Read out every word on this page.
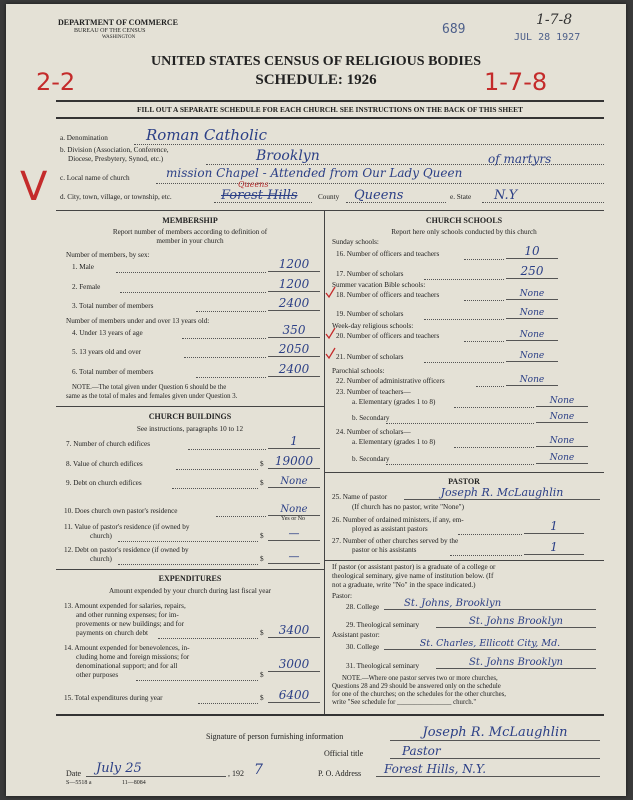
DEPARTMENT OF COMMERCE
BUREAU OF THE CENSUS
WASHINGTON
689
1-7-8
JUL 28 1927
UNITED STATES CENSUS OF RELIGIOUS BODIES
SCHEDULE: 1926
2-2	1-7-8
FILL OUT A SEPARATE SCHEDULE FOR EACH CHURCH. SEE INSTRUCTIONS ON THE BACK OF THIS SHEET
a. Denomination	Roman Catholic
b. Division (Association, Conference,
Diocese, Presbytery, Synod, etc.)	Brooklyn	of martyrs
c. Local name of church	mission Chapel - Attended from Our Lady Queen
d. City, town, village, or township, etc.
Queens
Forest Hills	County Queens	e. State N.Y
V
MEMBERSHIP
Report number of members according to definition of
member in your church
Number of members, by sex:
1. Male	1200
2. Female	1200
3. Total number of members	2400
Number of members under and over 13 years old:
4. Under 13 years of age	350
5. 13 years old and over	2050
6. Total number of members	2400
NOTE.—The total given under Question 6 should be the
same as the total of males and females given under Question 3.
CHURCH BUILDINGS
See instructions, paragraphs 10 to 12
7. Number of church edifices	1
8. Value of church edifices	$ 19000
9. Debt on church edifices	$	None
10. Does church own pastor's residence	None
Yes or No
11. Value of pastor's residence (if owned by
church)	$	—
12. Debt on pastor's residence (if owned by
church)	$	—
EXPENDITURES
Amount expended by your church during last fiscal year
13. Amount expended for salaries, repairs,
and other running expenses; for im-
provements or new buildings; and for
payments on church debt	$	3400
14. Amount expended for benevolences, in-
cluding home and foreign missions; for
denominational support; and for all
other purposes	$
3000
15. Total expenditures during year	$	6400
CHURCH SCHOOLS
Report here only schools conducted by this church
Sunday schools:
16. Number of officers and teachers	10
17. Number of scholars	250
Summer vacation Bible schools:
18. Number of officers and teachers	None
19. Number of scholars	None
Week-day religious schools:
20. Number of officers and teachers	None
21. Number of scholars	None
Parochial schools:
22. Number of administrative officers	None
23. Number of teachers—
a. Elementary (grades 1 to 8)	None
b. Secondary	None
24. Number of scholars—
a. Elementary (grades 1 to 8)	None
b. Secondary	None
PASTOR
25. Name of pastor	Joseph R. McLaughlin
(If church has no pastor, write "None")
26. Number of ordained ministers, if any, em-
ployed as assistant pastors	1
27. Number of other churches served by the
pastor or his assistants	1
If pastor (or assistant pastor) is a graduate of a college or
theological seminary, give name of institution below. (If
not a graduate, write "No" in the space indicated.)
Pastor:
28. College	St. Johns, Brooklyn
29. Theological seminary	St. Johns Brooklyn
Assistant pastor:
30. College	St. Charles, Ellicott City, Md.
31. Theological seminary	St. Johns Brooklyn
NOTE.—Where one pastor serves two or more churches,
Questions 28 and 29 should be answered only on the schedule
for one of the churches; on the schedules for the other churches,
write "See schedule for ________________ church."
Signature of person furnishing information	Joseph R. McLaughlin
Official title	Pastor
Date	July 25	, 192 7	P. O. Address	Forest Hills, N.Y.
S—5518 a	11—8084
